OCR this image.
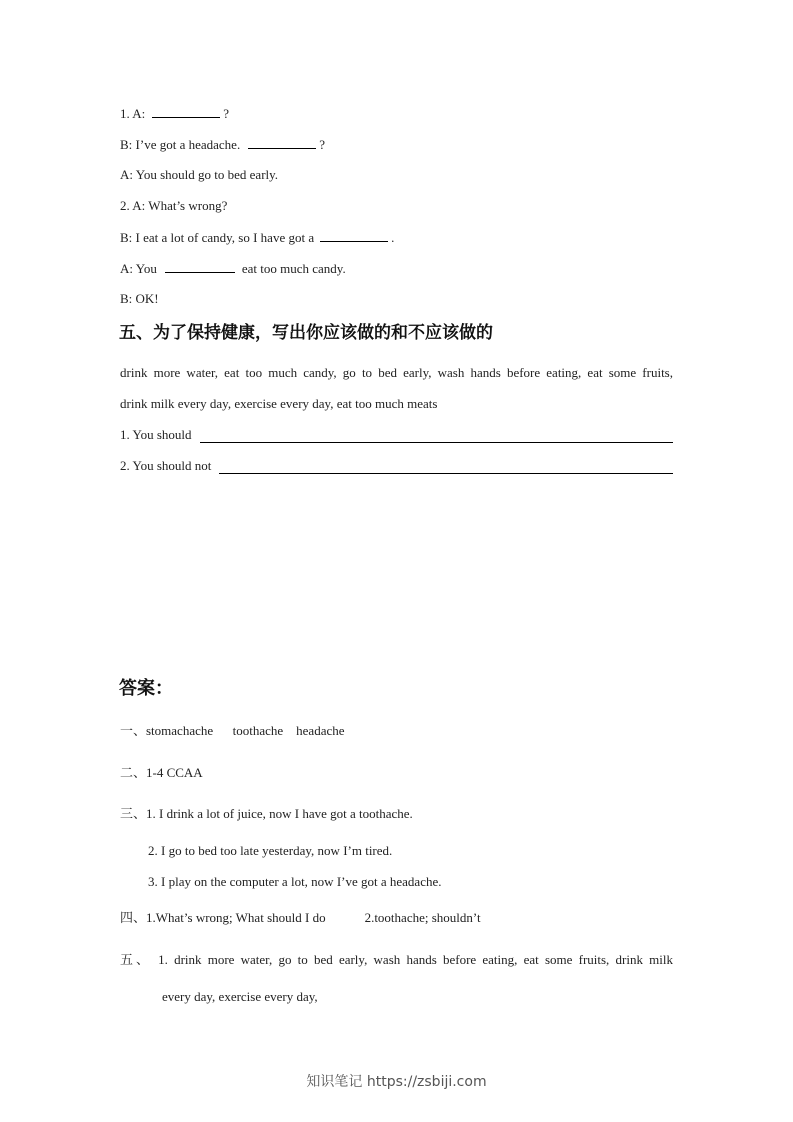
1. A:	?
B: I’ve got a headache.	?
A: You should go to bed early.
2. A: What’s wrong?
B: I eat a lot of candy, so I have got a	.
A: You	eat too much candy.
B: OK!
五、为了保持健康，写出你应该做的和不应该做的
drink more water, eat too much candy, go to bed early, wash hands before eating, eat some fruits,
drink milk every day, exercise every day, eat too much meats
1. You should
2. You should not
答案：
一、stomachache      toothache    headache
二、1-4 CCAA
三、1. I drink a lot of juice, now I have got a toothache.
2. I go to bed too late yesterday, now I’m tired.
3. I play on the computer a lot, now I’ve got a headache.
四、1.What’s wrong; What should I do            2.toothache; shouldn’t
五、 1. drink more water, go to bed early, wash hands before eating, eat some fruits, drink milk
every day, exercise every day,
知识笔记 https://zsbiji.com
